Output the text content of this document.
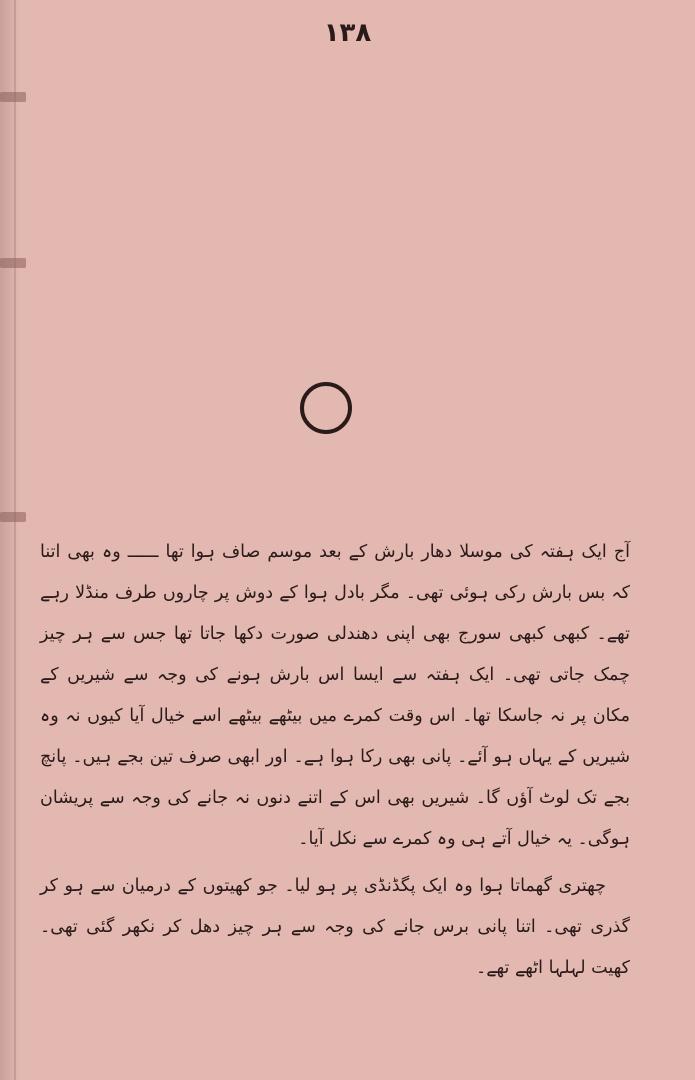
۱۳۸

آج ایک ہفتہ کی موسلا دھار بارش کے بعد موسم صاف ہوا تھا ــــــ وہ بھی اتنا کہ بس بارش رکی ہوئی تھی۔ مگر بادل ہوا کے دوش پر چاروں طرف منڈلا رہے تھے۔ کبھی کبھی سورج بھی اپنی دھندلی صورت دکھا جاتا تھا جس سے ہر چیز چمک جاتی تھی۔ ایک ہفتہ سے ایسا اس بارش ہونے کی وجہ سے شیریں کے مکان پر نہ جاسکا تھا۔ اس وقت کمرے میں بیٹھے بیٹھے اسے خیال آیا کیوں نہ وہ شیریں کے یہاں ہو آئے۔ پانی بھی رکا ہوا ہے۔ اور ابھی صرف تین بجے ہیں۔ پانچ بجے تک لوٹ آؤں گا۔ شیریں بھی اس کے اتنے دنوں نہ جانے کی وجہ سے پریشان ہوگی۔ یہ خیال آتے ہی وہ کمرے سے نکل آیا۔

چھتری گھماتا ہوا وہ ایک پگڈنڈی پر ہو لیا۔ جو کھیتوں کے درمیان سے ہو کر گذری تھی۔ اتنا پانی برس جانے کی وجہ سے ہر چیز دھل کر نکھر گئی تھی۔ کھیت لہلہا اٹھے تھے۔
